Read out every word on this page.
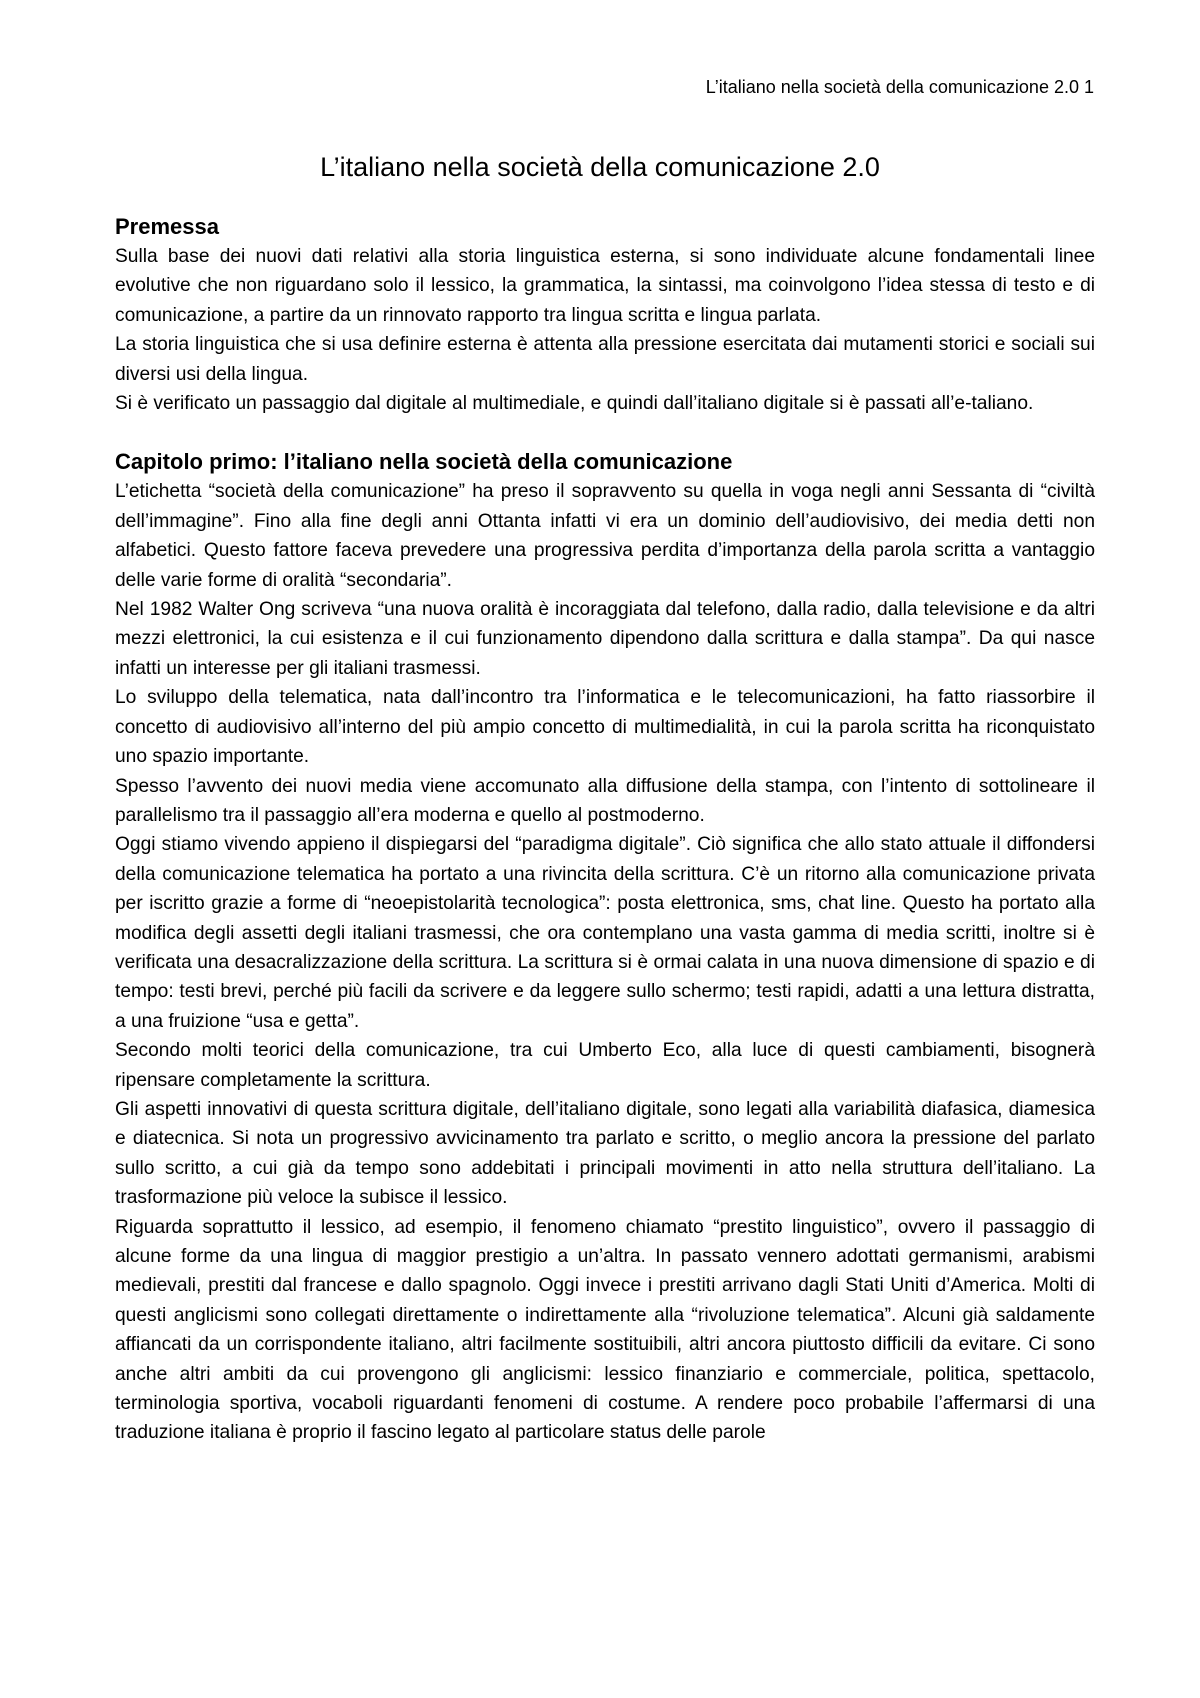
L’italiano nella società della comunicazione 2.0 1
L’italiano nella società della comunicazione 2.0
Premessa

Sulla base dei nuovi dati relativi alla storia linguistica esterna, si sono individuate alcune fondamentali linee evolutive che non riguardano solo il lessico, la grammatica, la sintassi, ma coinvolgono l’idea stessa di testo e di comunicazione, a partire da un rinnovato rapporto tra lingua scritta e lingua parlata.

La storia linguistica che si usa definire esterna è attenta alla pressione esercitata dai mutamenti storici e sociali sui diversi usi della lingua.

Si è verificato un passaggio dal digitale al multimediale, e quindi dall’italiano digitale si è passati all’e-taliano.

Capitolo primo: l’italiano nella società della comunicazione

L’etichetta “società della comunicazione” ha preso il sopravvento su quella in voga negli anni Sessanta di “civiltà dell’immagine”. Fino alla fine degli anni Ottanta infatti vi era un dominio dell’audiovisivo, dei media detti non alfabetici. Questo fattore faceva prevedere una progressiva perdita d’importanza della parola scritta a vantaggio delle varie forme di oralità “secondaria”.

Nel 1982 Walter Ong scriveva “una nuova oralità è incoraggiata dal telefono, dalla radio, dalla televisione e da altri mezzi elettronici, la cui esistenza e il cui funzionamento dipendono dalla scrittura e dalla stampa”. Da qui nasce infatti un interesse per gli italiani trasmessi.

Lo sviluppo della telematica, nata dall’incontro tra l’informatica e le telecomunicazioni, ha fatto riassorbire il concetto di audiovisivo all’interno del più ampio concetto di multimedialità, in cui la parola scritta ha riconquistato uno spazio importante.

Spesso l’avvento dei nuovi media viene accomunato alla diffusione della stampa, con l’intento di sottolineare il parallelismo tra il passaggio all’era moderna e quello al postmoderno.

Oggi stiamo vivendo appieno il dispiegarsi del “paradigma digitale”. Ciò significa che allo stato attuale il diffondersi della comunicazione telematica ha portato a una rivincita della scrittura. C’è un ritorno alla comunicazione privata per iscritto grazie a forme di “neoepistolarità tecnologica”: posta elettronica, sms, chat line. Questo ha portato alla modifica degli assetti degli italiani trasmessi, che ora contemplano una vasta gamma di media scritti, inoltre si è verificata una desacralizzazione della scrittura. La scrittura si è ormai calata in una nuova dimensione di spazio e di tempo: testi brevi, perché più facili da scrivere e da leggere sullo schermo; testi rapidi, adatti a una lettura distratta, a una fruizione “usa e getta”.

Secondo molti teorici della comunicazione, tra cui Umberto Eco, alla luce di questi cambiamenti, bisognerà ripensare completamente la scrittura.

Gli aspetti innovativi di questa scrittura digitale, dell’italiano digitale, sono legati alla variabilità diafasica, diamesica e diatecnica. Si nota un progressivo avvicinamento tra parlato e scritto, o meglio ancora la pressione del parlato sullo scritto, a cui già da tempo sono addebitati i principali movimenti in atto nella struttura dell’italiano. La trasformazione più veloce la subisce il lessico.

Riguarda soprattutto il lessico, ad esempio, il fenomeno chiamato “prestito linguistico”, ovvero il passaggio di alcune forme da una lingua di maggior prestigio a un’altra. In passato vennero adottati germanismi, arabismi medievali, prestiti dal francese e dallo spagnolo. Oggi invece i prestiti arrivano dagli Stati Uniti d’America. Molti di questi anglicismi sono collegati direttamente o indirettamente alla “rivoluzione telematica”. Alcuni già saldamente affiancati da un corrispondente italiano, altri facilmente sostituibili, altri ancora piuttosto difficili da evitare. Ci sono anche altri ambiti da cui provengono gli anglicismi: lessico finanziario e commerciale, politica, spettacolo, terminologia sportiva, vocaboli riguardanti fenomeni di costume. A rendere poco probabile l’affermarsi di una traduzione italiana è proprio il fascino legato al particolare status delle parole
